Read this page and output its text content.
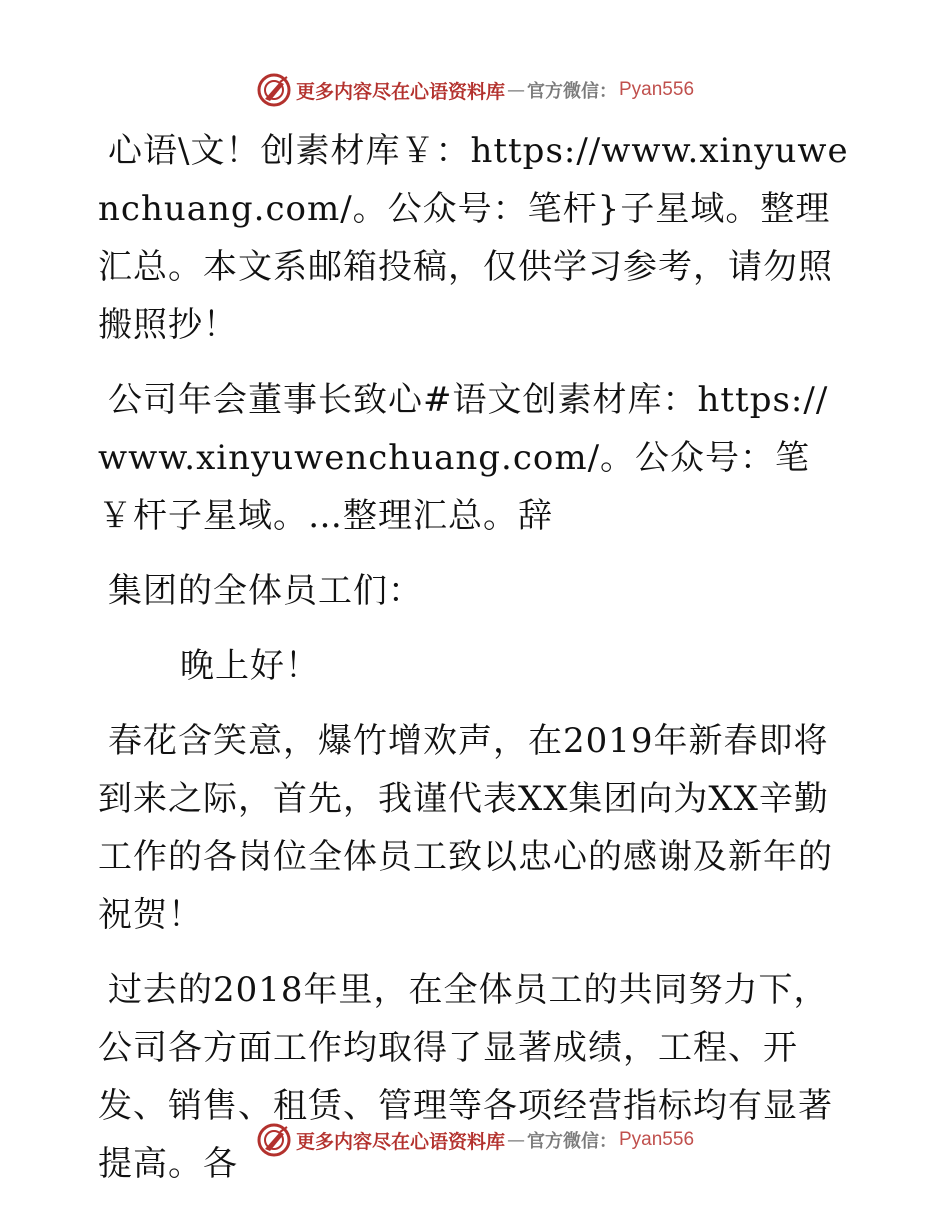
更多内容尽在心语资料库 — 官方微信： Pyan556

心语\文！创素材库￥：https://www.xinyuwenchuang.com/。公众号：笔杆}子星域。整理汇总。本文系邮箱投稿，仅供学习参考，请勿照搬照抄！

公司年会董事长致心#语文创素材库：https://www.xinyuwenchuang.com/。公众号：笔￥杆子星域。…整理汇总。辞

集团的全体员工们：

晚上好！

春花含笑意，爆竹增欢声，在2019年新春即将到来之际，首先，我谨代表XX集团向为XX辛勤工作的各岗位全体员工致以忠心的感谢及新年的祝贺！

过去的2018年里，在全体员工的共同努力下，公司各方面工作均取得了显著成绩，工程、开发、销售、租赁、管理等各项经营指标均有显著提高。各

更多内容尽在心语资料库 — 官方微信： Pyan556
